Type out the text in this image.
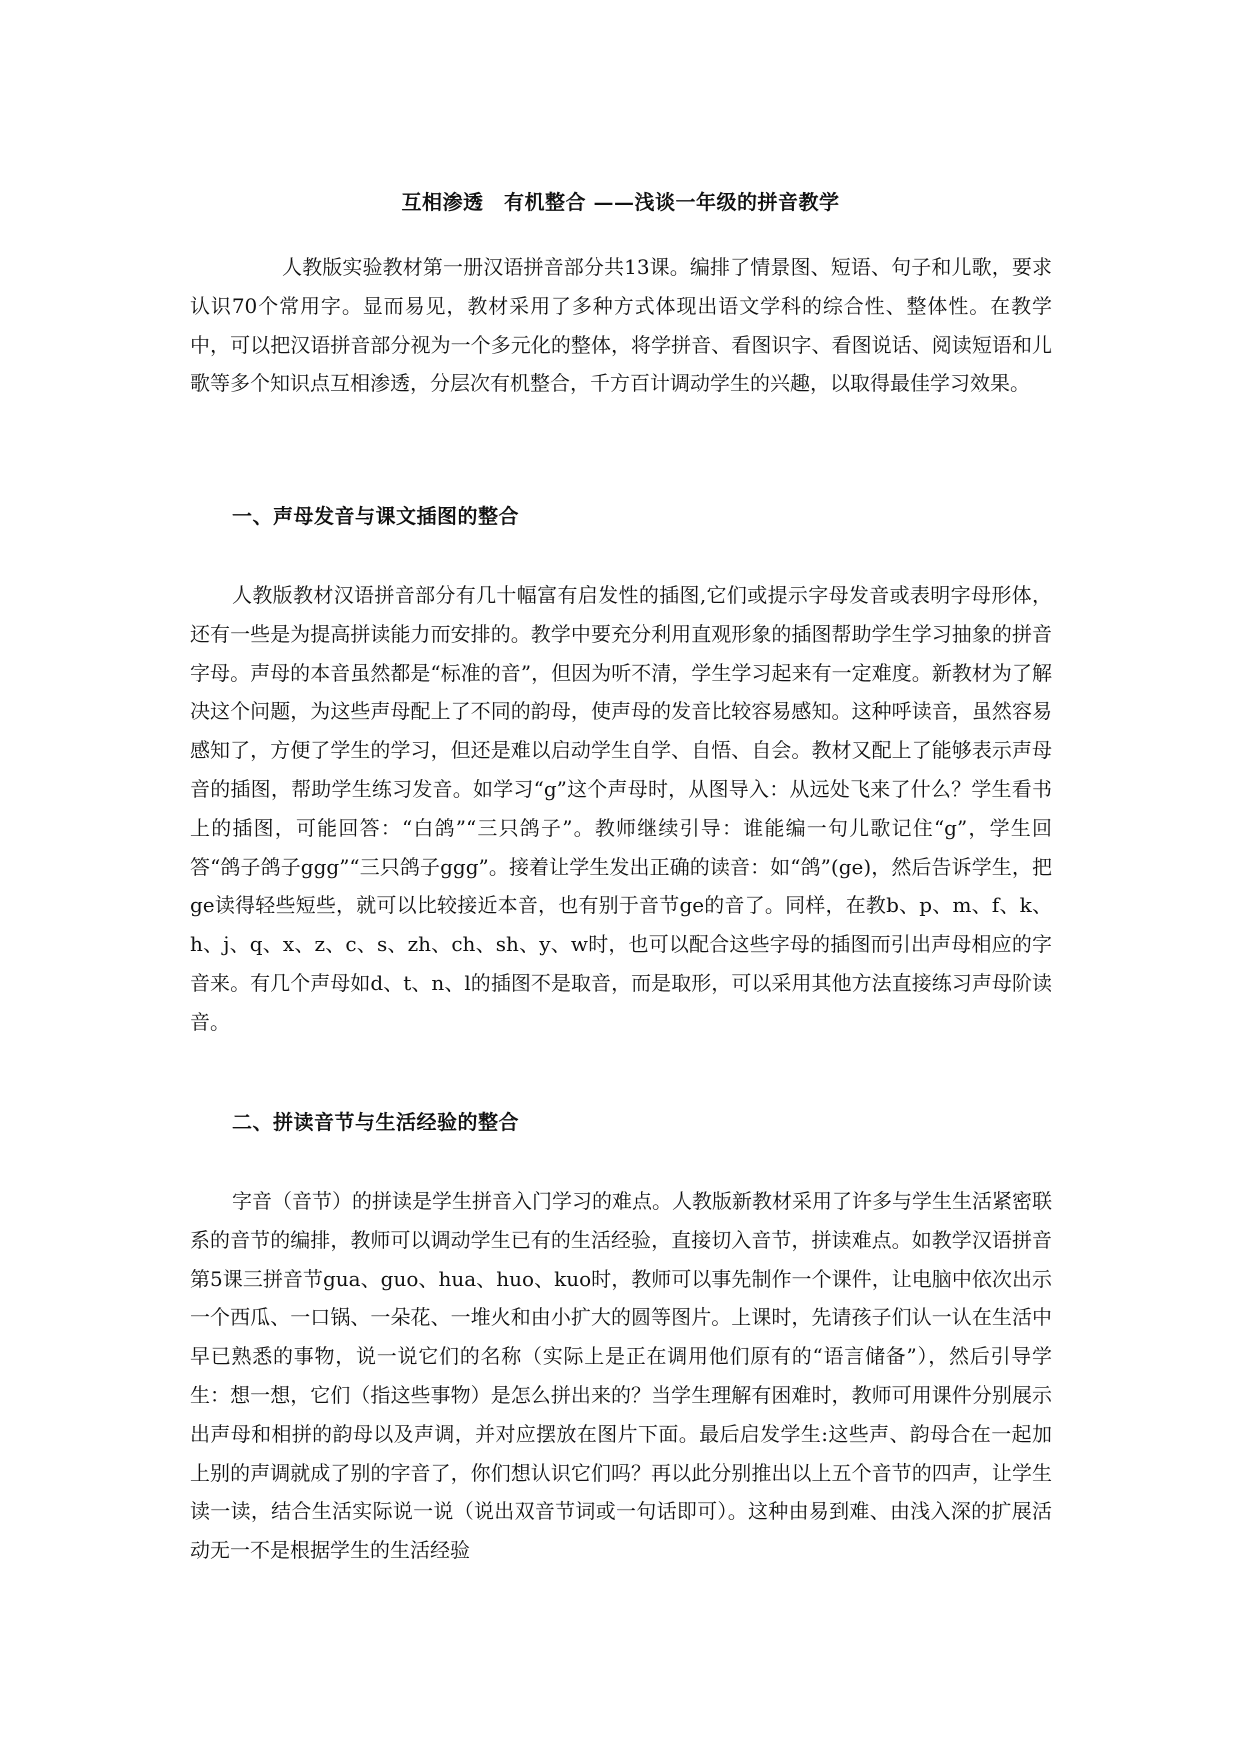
互相渗透　有机整合 ——浅谈一年级的拼音教学

人教版实验教材第一册汉语拼音部分共13课。编排了情景图、短语、句子和儿歌，要求认识70个常用字。显而易见，教材采用了多种方式体现出语文学科的综合性、整体性。在教学中，可以把汉语拼音部分视为一个多元化的整体，将学拼音、看图识字、看图说话、阅读短语和儿歌等多个知识点互相渗透，分层次有机整合，千方百计调动学生的兴趣，以取得最佳学习效果。

一、声母发音与课文插图的整合

人教版教材汉语拼音部分有几十幅富有启发性的插图,它们或提示字母发音或表明字母形体，还有一些是为提高拼读能力而安排的。教学中要充分利用直观形象的插图帮助学生学习抽象的拼音字母。声母的本音虽然都是“标准的音”，但因为听不清，学生学习起来有一定难度。新教材为了解决这个问题，为这些声母配上了不同的韵母，使声母的发音比较容易感知。这种呼读音，虽然容易感知了，方便了学生的学习，但还是难以启动学生自学、自悟、自会。教材又配上了能够表示声母音的插图，帮助学生练习发音。如学习“g”这个声母时，从图导入：从远处飞来了什么？学生看书上的插图，可能回答：“白鸽”“三只鸽子”。教师继续引导：谁能编一句儿歌记住“g”，学生回答“鸽子鸽子ggg”“三只鸽子ggg”。接着让学生发出正确的读音：如“鸽”(ge)，然后告诉学生，把ge读得轻些短些，就可以比较接近本音，也有别于音节ge的音了。同样，在教b、p、m、f、k、h、j、q、x、z、c、s、zh、ch、sh、y、w时，也可以配合这些字母的插图而引出声母相应的字音来。有几个声母如d、t、n、l的插图不是取音，而是取形，可以采用其他方法直接练习声母阶读音。

二、拼读音节与生活经验的整合

字音（音节）的拼读是学生拼音入门学习的难点。人教版新教材采用了许多与学生生活紧密联系的音节的编排，教师可以调动学生已有的生活经验，直接切入音节，拼读难点。如教学汉语拼音第5课三拼音节gua、guo、hua、huo、kuo时，教师可以事先制作一个课件，让电脑中依次出示一个西瓜、一口锅、一朵花、一堆火和由小扩大的圆等图片。上课时，先请孩子们认一认在生活中早已熟悉的事物，说一说它们的名称（实际上是正在调用他们原有的“语言储备”），然后引导学生：想一想，它们（指这些事物）是怎么拼出来的？当学生理解有困难时，教师可用课件分别展示出声母和相拼的韵母以及声调，并对应摆放在图片下面。最后启发学生:这些声、韵母合在一起加上别的声调就成了别的字音了，你们想认识它们吗？再以此分别推出以上五个音节的四声，让学生读一读，结合生活实际说一说（说出双音节词或一句话即可）。这种由易到难、由浅入深的扩展活动无一不是根据学生的生活经验
